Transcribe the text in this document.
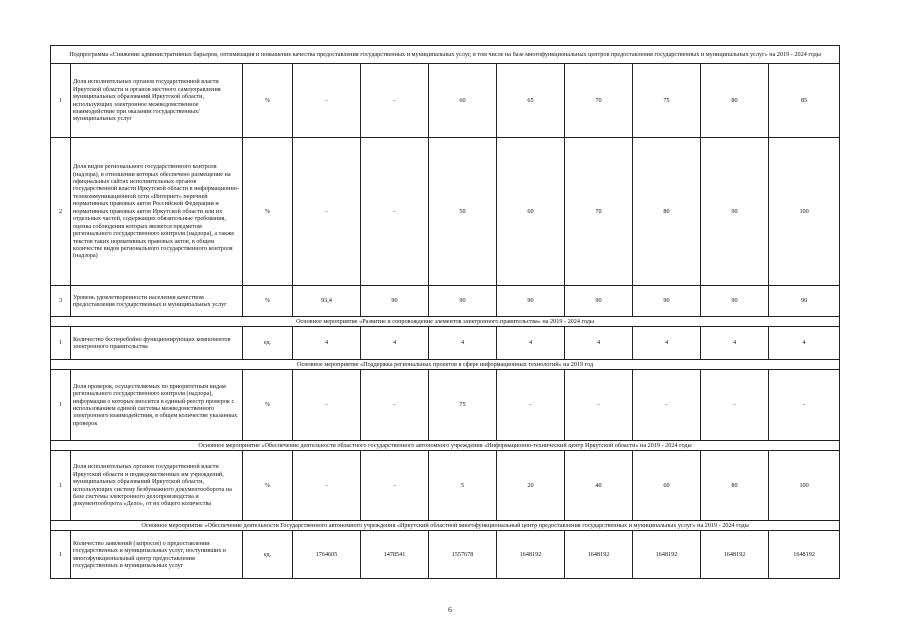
Подпрограмма «Снижение административных барьеров, оптимизация и повышение качества предоставления государственных и муниципальных услуг, в том числе на базе многофункциональных центров предоставления государственных и муниципальных услуг» на 2019 - 2024 годы										
1	Доля исполнительных органов государственной власти Иркутской области и органов местного самоуправления муниципальных образований Иркутской области, использующих электронное межведомственное взаимодействие при оказании государственных/муниципальных услуг	%	-	-	60	65	70	75	80	85
2	Доля видов регионального государственного контроля (надзора), в отношении которых обеспечено размещение на официальных сайтах исполнительных органов государственной власти Иркутской области в информационно-телекоммуникационной сети «Интернет» перечней нормативных правовых актов Российской Федерации и нормативных правовых актов Иркутской области или их отдельных частей, содержащих обязательные требования, оценка соблюдения которых является предметом регионального государственного контроля (надзора), а также текстов таких нормативных правовых актов, в общем количестве видов регионального государственного контроля (надзора)	%	-	-	50	60	70	80	90	100
3	Уровень удовлетворенности населения качеством предоставления государственных и муниципальных услуг	%	93,4	90	90	90	90	90	90	90
Основное мероприятие «Развитие и сопровождение элементов электронного правительства» на 2019 - 2024 годы										
1	Количество бесперебойно функционирующих компонентов электронного правительства	ед.	4	4	4	4	4	4	4	4
Основное мероприятие «Поддержка региональных проектов в сфере информационных технологий» на 2019 год										
1	Доля проверок, осуществляемых по приоритетным видам регионального государственного контроля (надзора), информация о которых вносится в единый реестр проверок с использованием единой системы межведомственного электронного взаимодействия, в общем количестве указанных проверок	%	-	-	75	-	-	-	-	-
Основное мероприятие «Обеспечение деятельности областного государственного автономного учреждения «Информационно-технический центр Иркутской области» на 2019 - 2024 годы										
1	Доля исполнительных органов государственной власти Иркутской области и подведомственных им учреждений, муниципальных образований Иркутской области, использующих систему безбумажного документооборота на базе системы электронного делопроизводства и документооборота «Дело», от их общего количества	%	-	-	5	20	40	60	80	100
Основное мероприятие «Обеспечение деятельности Государственного автономного учреждения «Иркутский областной многофункциональный центр предоставления государственных и муниципальных услуг» на 2019 - 2024 годы										
1	Количество заявлений (запросов) о предоставлении государственных и муниципальных услуг, поступивших в многофункциональный центр предоставления государственных и муниципальных услуг	ед.	1764605	1478541	1557678	1648192	1648192	1648192	1648192	1648192
6
